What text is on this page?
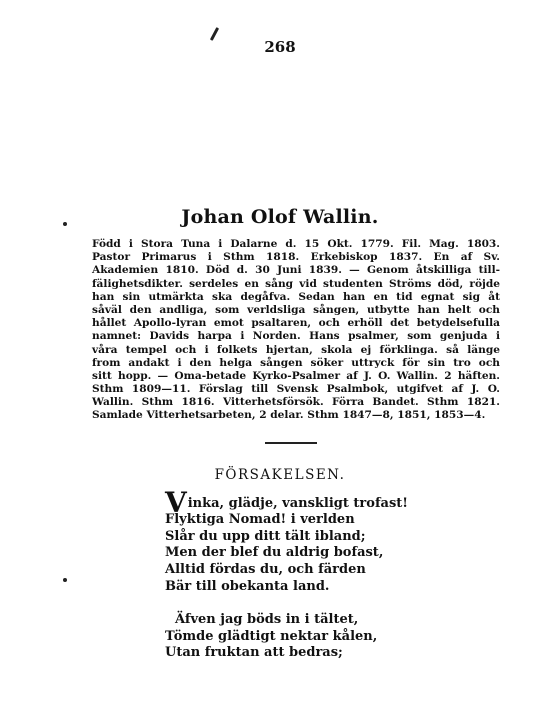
268
Johan Olof Wallin.
Född i Stora Tuna i Dalarne d. 15 Okt. 1779. Fil. Mag. 1803.
Pastor Primarus i Sthm 1818. Erkebiskop 1837. En af Sv.
Akademien 1810. Död d. 30 Juni 1839. — Genom åtskilliga till-
fälighetsdikter. serdeles en sång vid studenten Ströms död, röjde
han sin utmärkta ska degåfva. Sedan han en tid egnat sig åt
såväl den andliga, som verldsliga sången, utbytte han helt och
hållet Apollo-lyran emot psaltaren, och erhöll det betydelsefulla
namnet: Davids harpa i Norden. Hans psalmer, som genjuda i
våra tempel och i folkets hjertan, skola ej förklinga. så länge
from andakt i den helga sången söker uttryck för sin tro och
sitt hopp. — Oma-betade Kyrko-Psalmer af J. O. Wallin. 2 häften.
Sthm 1809—11. Förslag till Svensk Psalmbok, utgifvet af J. O.
Wallin. Sthm 1816. Vitterhetsförsök. Förra Bandet. Sthm 1821.
Samlade Vitterhetsarbeten, 2 delar. Sthm 1847—8, 1851, 1853—4.
FÖRSAKELSEN.
Vinka, glädje, vanskligt trofast!
Flyktiga Nomad! i verlden
Slår du upp ditt tält ibland;
Men der blef du aldrig bofast,
Alltid fördas du, och färden
Bär till obekanta land.
Äfven jag böds in i tältet,
Tömde glädtigt nektar kålen,
Utan fruktan att bedras;
